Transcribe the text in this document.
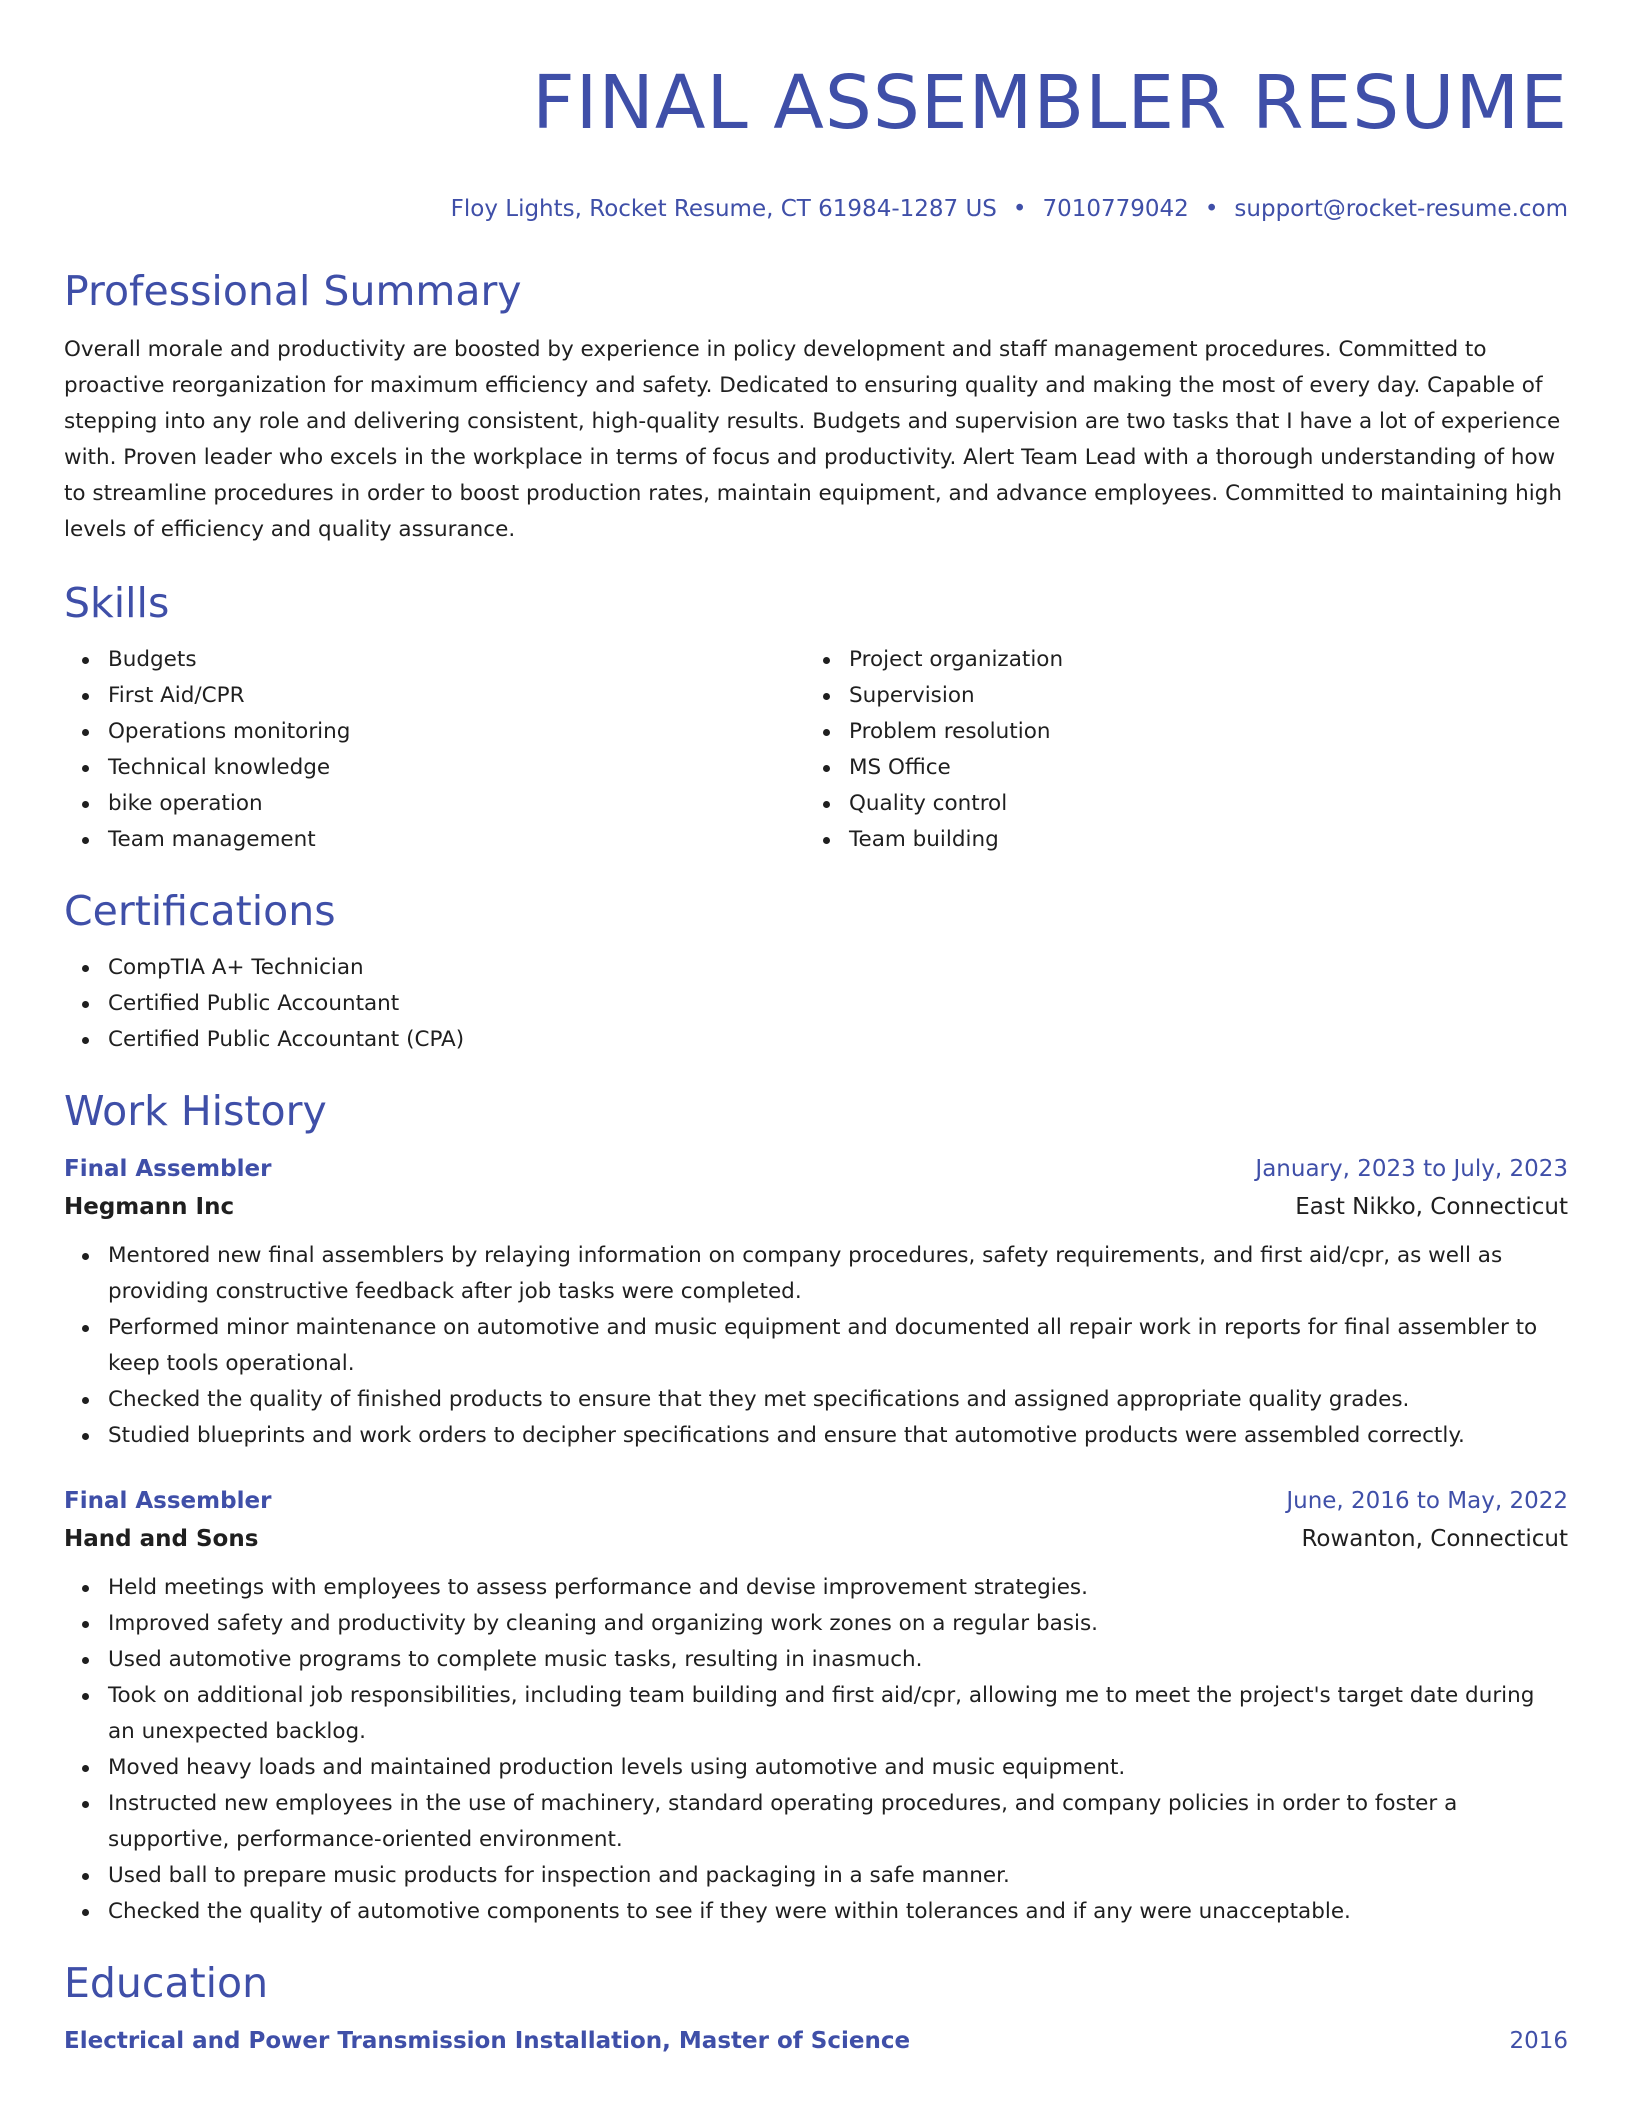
FINAL ASSEMBLER RESUME
Floy Lights, Rocket Resume, CT 61984-1287 US • 7010779042 • support@rocket-resume.com
Professional Summary

Overall morale and productivity are boosted by experience in policy development and staff management procedures. Committed to proactive reorganization for maximum efficiency and safety. Dedicated to ensuring quality and making the most of every day. Capable of stepping into any role and delivering consistent, high-quality results. Budgets and supervision are two tasks that I have a lot of experience with. Proven leader who excels in the workplace in terms of focus and productivity. Alert Team Lead with a thorough understanding of how to streamline procedures in order to boost production rates, maintain equipment, and advance employees. Committed to maintaining high levels of efficiency and quality assurance.

Skills
Budgets
First Aid/CPR
Operations monitoring
Technical knowledge
bike operation
Team management
Project organization
Supervision
Problem resolution
MS Office
Quality control
Team building
Certifications
CompTIA A+ Technician
Certified Public Accountant
Certified Public Accountant (CPA)
Work History
Final Assembler	January, 2023 to July, 2023
Hegmann Inc	East Nikko, Connecticut
Mentored new final assemblers by relaying information on company procedures, safety requirements, and first aid/cpr, as well as providing constructive feedback after job tasks were completed.
Performed minor maintenance on automotive and music equipment and documented all repair work in reports for final assembler to keep tools operational.
Checked the quality of finished products to ensure that they met specifications and assigned appropriate quality grades.
Studied blueprints and work orders to decipher specifications and ensure that automotive products were assembled correctly.
Final Assembler	June, 2016 to May, 2022
Hand and Sons	Rowanton, Connecticut
Held meetings with employees to assess performance and devise improvement strategies.
Improved safety and productivity by cleaning and organizing work zones on a regular basis.
Used automotive programs to complete music tasks, resulting in inasmuch.
Took on additional job responsibilities, including team building and first aid/cpr, allowing me to meet the project's target date during an unexpected backlog.
Moved heavy loads and maintained production levels using automotive and music equipment.
Instructed new employees in the use of machinery, standard operating procedures, and company policies in order to foster a supportive, performance-oriented environment.
Used ball to prepare music products for inspection and packaging in a safe manner.
Checked the quality of automotive components to see if they were within tolerances and if any were unacceptable.
Education
Electrical and Power Transmission Installation, Master of Science	2016
